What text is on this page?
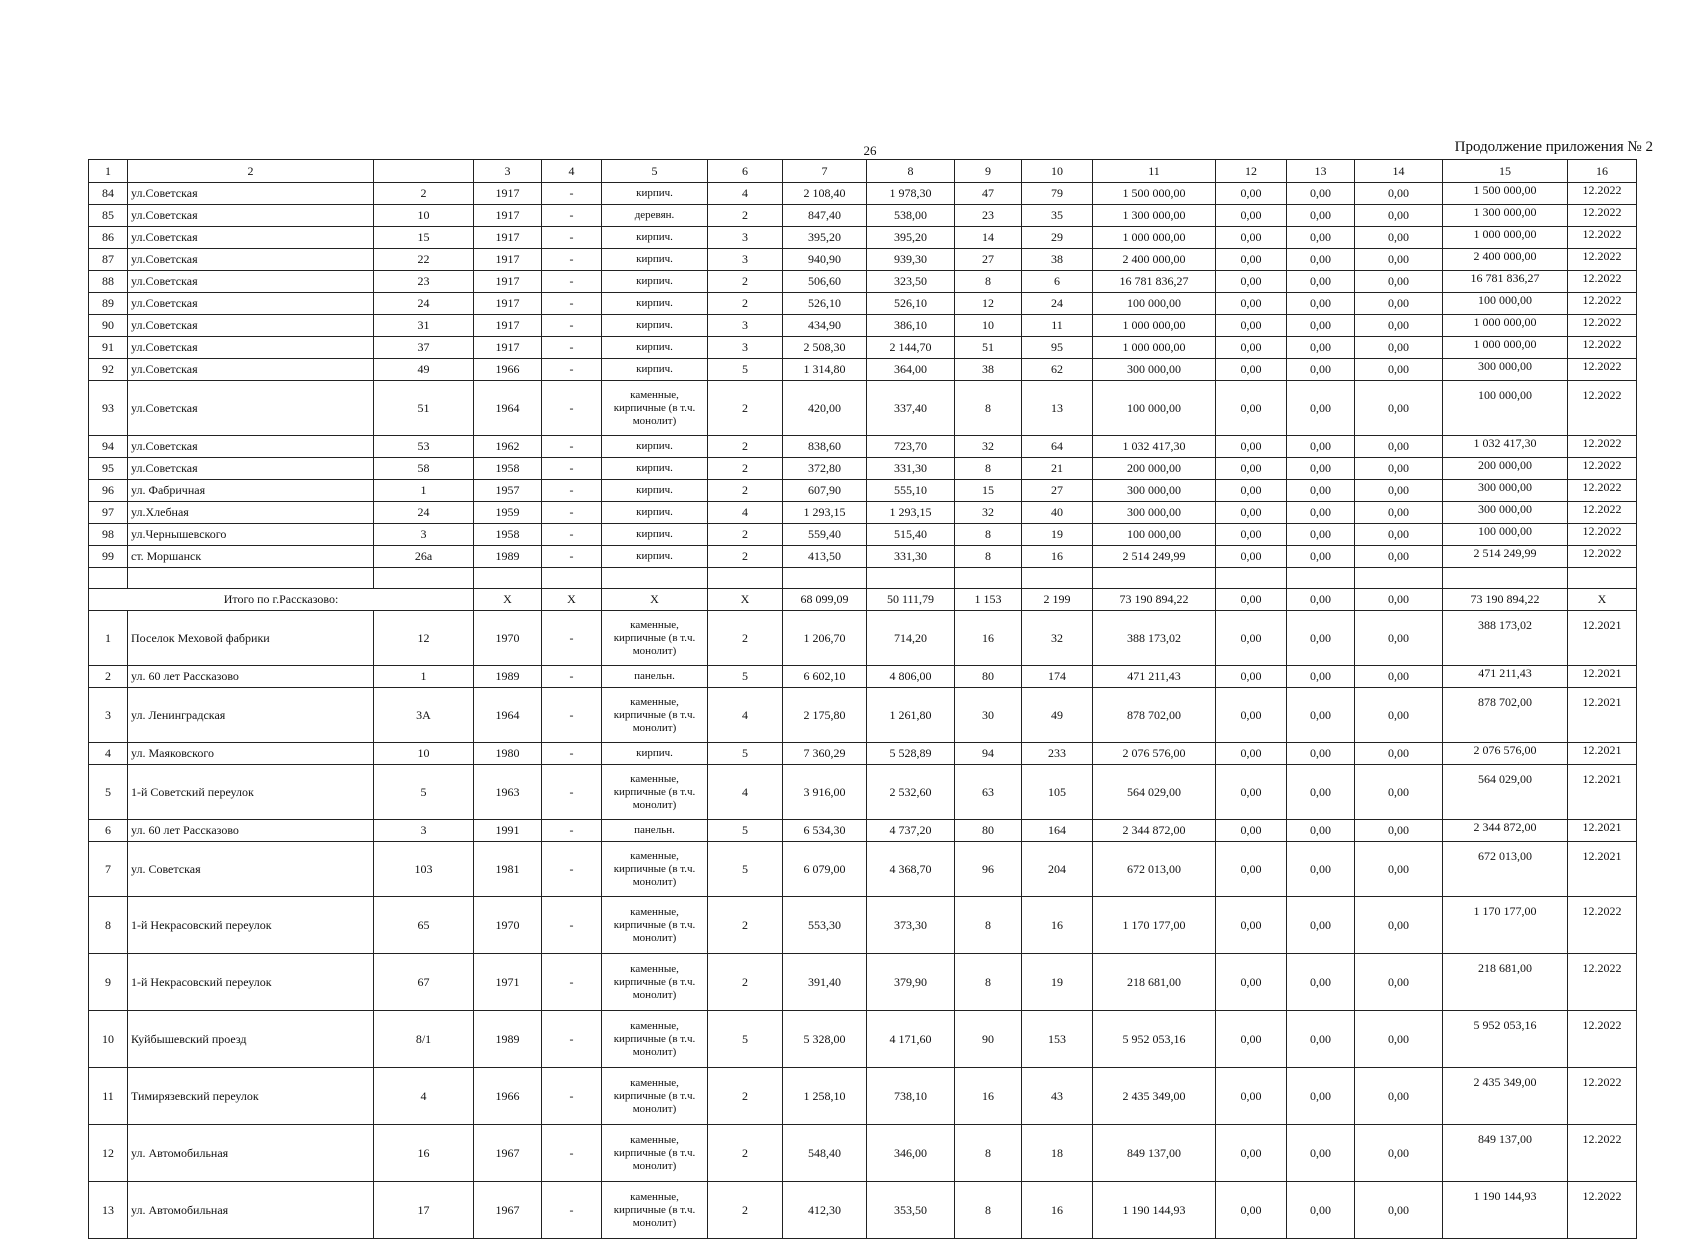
26	Продолжение приложения № 2
1	2		3	4	5	6	7	8	9	10	11	12	13	14	15	16
84	ул.Советская	2	1917	-	кирпич.	4	2 108,40	1 978,30	47	79	1 500 000,00	0,00	0,00	0,00	1 500 000,00	12.2022
85	ул.Советская	10	1917	-	деревян.	2	847,40	538,00	23	35	1 300 000,00	0,00	0,00	0,00	1 300 000,00	12.2022
86	ул.Советская	15	1917	-	кирпич.	3	395,20	395,20	14	29	1 000 000,00	0,00	0,00	0,00	1 000 000,00	12.2022
87	ул.Советская	22	1917	-	кирпич.	3	940,90	939,30	27	38	2 400 000,00	0,00	0,00	0,00	2 400 000,00	12.2022
88	ул.Советская	23	1917	-	кирпич.	2	506,60	323,50	8	6	16 781 836,27	0,00	0,00	0,00	16 781 836,27	12.2022
89	ул.Советская	24	1917	-	кирпич.	2	526,10	526,10	12	24	100 000,00	0,00	0,00	0,00	100 000,00	12.2022
90	ул.Советская	31	1917	-	кирпич.	3	434,90	386,10	10	11	1 000 000,00	0,00	0,00	0,00	1 000 000,00	12.2022
91	ул.Советская	37	1917	-	кирпич.	3	2 508,30	2 144,70	51	95	1 000 000,00	0,00	0,00	0,00	1 000 000,00	12.2022
92	ул.Советская	49	1966	-	кирпич.	5	1 314,80	364,00	38	62	300 000,00	0,00	0,00	0,00	300 000,00	12.2022
93	ул.Советская	51	1964	-	каменные, кирпичные (в т.ч. монолит)	2	420,00	337,40	8	13	100 000,00	0,00	0,00	0,00	100 000,00	12.2022
94	ул.Советская	53	1962	-	кирпич.	2	838,60	723,70	32	64	1 032 417,30	0,00	0,00	0,00	1 032 417,30	12.2022
95	ул.Советская	58	1958	-	кирпич.	2	372,80	331,30	8	21	200 000,00	0,00	0,00	0,00	200 000,00	12.2022
96	ул. Фабричная	1	1957	-	кирпич.	2	607,90	555,10	15	27	300 000,00	0,00	0,00	0,00	300 000,00	12.2022
97	ул.Хлебная	24	1959	-	кирпич.	4	1 293,15	1 293,15	32	40	300 000,00	0,00	0,00	0,00	300 000,00	12.2022
98	ул.Чернышевского	3	1958	-	кирпич.	2	559,40	515,40	8	19	100 000,00	0,00	0,00	0,00	100 000,00	12.2022
99	ст. Моршанск	26а	1989	-	кирпич.	2	413,50	331,30	8	16	2 514 249,99	0,00	0,00	0,00	2 514 249,99	12.2022

Итого по г.Рассказово:			X	X	X	X	68 099,09	50 111,79	1 153	2 199	73 190 894,22	0,00	0,00	0,00	73 190 894,22	X
1	Поселок Меховой фабрики	12	1970	-	каменные, кирпичные (в т.ч. монолит)	2	1 206,70	714,20	16	32	388 173,02	0,00	0,00	0,00	388 173,02	12.2021
2	ул. 60 лет Рассказово	1	1989	-	панельн.	5	6 602,10	4 806,00	80	174	471 211,43	0,00	0,00	0,00	471 211,43	12.2021
3	ул. Ленинградская	3А	1964	-	каменные, кирпичные (в т.ч. монолит)	4	2 175,80	1 261,80	30	49	878 702,00	0,00	0,00	0,00	878 702,00	12.2021
4	ул. Маяковского	10	1980	-	кирпич.	5	7 360,29	5 528,89	94	233	2 076 576,00	0,00	0,00	0,00	2 076 576,00	12.2021
5	1-й Советский переулок	5	1963	-	каменные, кирпичные (в т.ч. монолит)	4	3 916,00	2 532,60	63	105	564 029,00	0,00	0,00	0,00	564 029,00	12.2021
6	ул. 60 лет Рассказово	3	1991	-	панельн.	5	6 534,30	4 737,20	80	164	2 344 872,00	0,00	0,00	0,00	2 344 872,00	12.2021
7	ул. Советская	103	1981	-	каменные, кирпичные (в т.ч. монолит)	5	6 079,00	4 368,70	96	204	672 013,00	0,00	0,00	0,00	672 013,00	12.2021
8	1-й Некрасовский переулок	65	1970	-	каменные, кирпичные (в т.ч. монолит)	2	553,30	373,30	8	16	1 170 177,00	0,00	0,00	0,00	1 170 177,00	12.2022
9	1-й Некрасовский переулок	67	1971	-	каменные, кирпичные (в т.ч. монолит)	2	391,40	379,90	8	19	218 681,00	0,00	0,00	0,00	218 681,00	12.2022
10	Куйбышевский проезд	8/1	1989	-	каменные, кирпичные (в т.ч. монолит)	5	5 328,00	4 171,60	90	153	5 952 053,16	0,00	0,00	0,00	5 952 053,16	12.2022
11	Тимирязевский переулок	4	1966	-	каменные, кирпичные (в т.ч. монолит)	2	1 258,10	738,10	16	43	2 435 349,00	0,00	0,00	0,00	2 435 349,00	12.2022
12	ул. Автомобильная	16	1967	-	каменные, кирпичные (в т.ч. монолит)	2	548,40	346,00	8	18	849 137,00	0,00	0,00	0,00	849 137,00	12.2022
13	ул. Автомобильная	17	1967	-	каменные, кирпичные (в т.ч. монолит)	2	412,30	353,50	8	16	1 190 144,93	0,00	0,00	0,00	1 190 144,93	12.2022
